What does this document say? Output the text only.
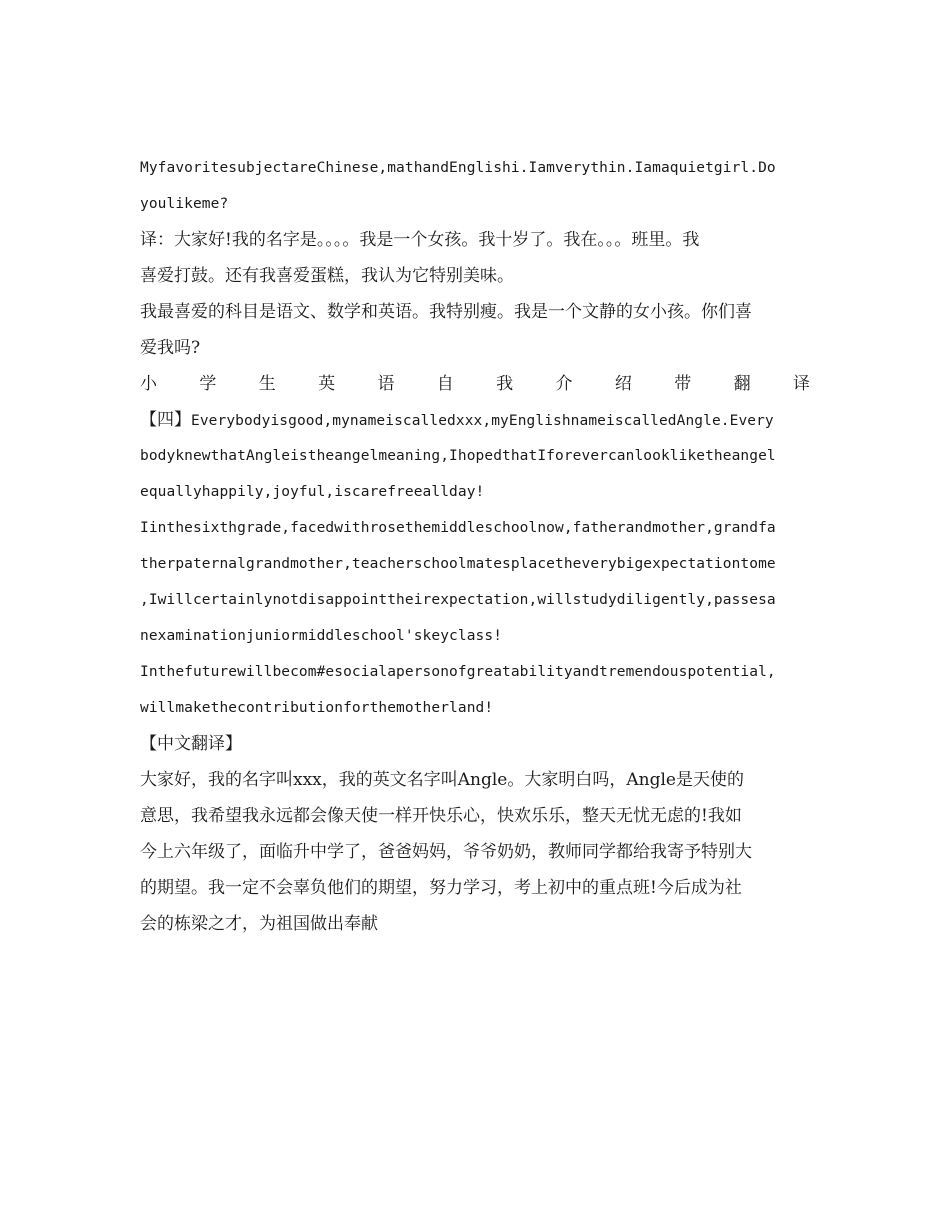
MyfavoritesubjectareChinese,mathandEnglishi.Iamverythin.Iamaquietgirl.Do
youlikeme?
译：大家好!我的名字是。。。。我是一个女孩。我十岁了。我在。。。班里。我
喜爱打鼓。还有我喜爱蛋糕，我认为它特别美味。
我最喜爱的科目是语文、数学和英语。我特别瘦。我是一个文静的女小孩。你们喜
爱我吗?
小 学 生 英 语 自 我 介 绍 带 翻 译
【四】Everybodyisgood,mynameiscalledxxx,myEnglishnameiscalledAngle.Every
bodyknewthatAngleistheangelmeaning,IhopedthatIforevercanlookliketheangel
equallyhappily,joyful,iscarefreeallday!
Iinthesixthgrade,facedwithrosethemiddleschoolnow,fatherandmother,grandfa
therpaternalgrandmother,teacherschoolmatesplacetheverybigexpectationtome
,Iwillcertainlynotdisappointtheirexpectation,willstudydiligently,passesa
nexaminationjuniormiddleschool'skeyclass!
Inthefuturewillbecom#esocialapersonofgreatabilityandtremendouspotential,
willmakethecontributionforthemotherland!
【中文翻译】
大家好，我的名字叫xxx，我的英文名字叫Angle。大家明白吗，Angle是天使的
意思，我希望我永远都会像天使一样开快乐心，快欢乐乐，整天无忧无虑的!我如
今上六年级了，面临升中学了，爸爸妈妈，爷爷奶奶，教师同学都给我寄予特别大
的期望。我一定不会辜负他们的期望，努力学习，考上初中的重点班!今后成为社
会的栋梁之才，为祖国做出奉献
